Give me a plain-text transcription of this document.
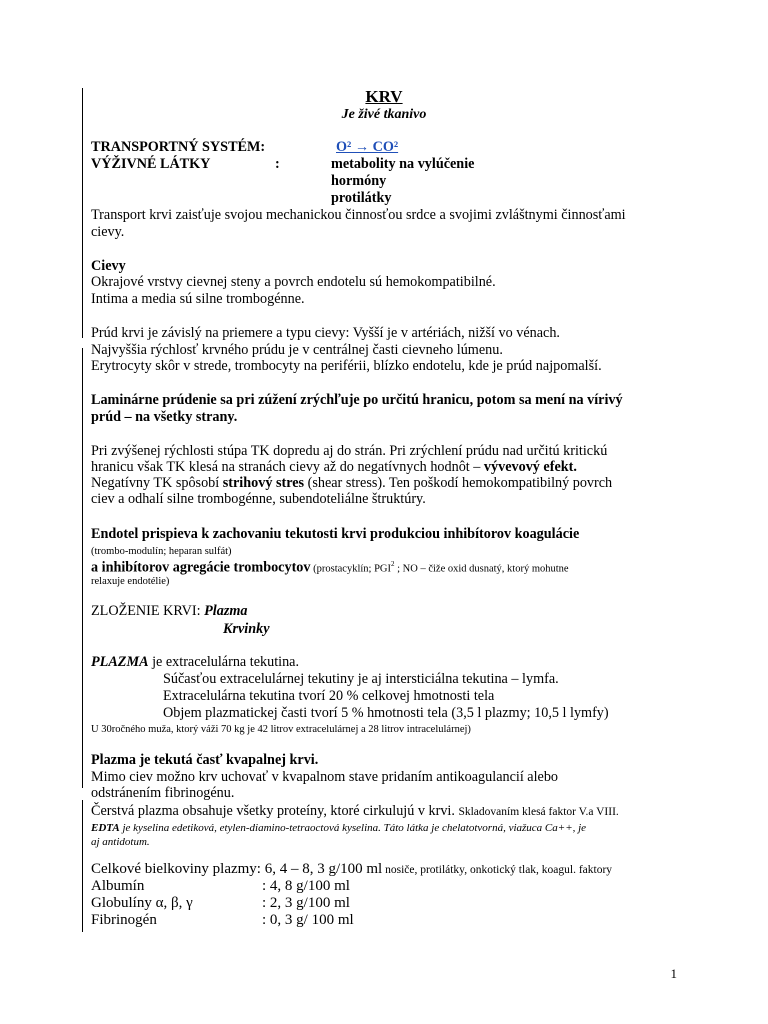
KRV
Je živé tkanivo
TRANSPORTNÝ SYSTÉM:	O² → CO²
VÝŽIVNÉ LÁTKY	:	metabolity na vylúčenie
hormóny
protilátky
Transport krvi zaisťuje svojou mechanickou činnosťou srdce a svojimi zvláštnymi činnosťami
cievy.
Cievy
Okrajové vrstvy cievnej steny a povrch endotelu sú hemokompatibilné.
Intima a media sú silne trombogénne.
Prúd krvi je závislý na priemere a typu cievy: Vyšší je v artériách, nižší vo vénach.
Najvyššia rýchlosť krvného prúdu je v centrálnej časti cievneho lúmenu.
Erytrocyty skôr v strede, trombocyty na periférii, blízko endotelu, kde je prúd najpomalší.
Laminárne prúdenie sa pri zúžení zrýchľuje po určitú hranicu, potom sa mení na vírivý
prúd – na všetky strany.
Pri zvýšenej rýchlosti stúpa TK dopredu aj do strán. Pri zrýchlení prúdu nad určitú kritickú
hranicu však TK klesá na stranách cievy až do negatívnych hodnôt – vývevový efekt.
Negatívny TK spôsobí strihový stres (shear stress). Ten poškodí hemokompatibilný povrch
ciev a odhalí silne trombogénne, subendoteliálne štruktúry.
Endotel prispieva k zachovaniu tekutosti krvi produkciou inhibítorov koagulácie
(trombo-modulín; heparan sulfát)
a inhibítorov agregácie trombocytov (prostacyklín; PGI$^2$ ; NO – čiže oxid dusnatý, ktorý mohutne
relaxuje endotélie)
ZLOŽENIE KRVI: Plazma
Krvinky
PLAZMA je extracelulárna tekutina.
Súčasťou extracelulárnej tekutiny je aj intersticiálna tekutina – lymfa.
Extracelulárna tekutina tvorí 20 % celkovej hmotnosti tela
Objem plazmatickej časti tvorí 5 % hmotnosti tela (3,5 l plazmy; 10,5 l lymfy)
U 30ročného muža, ktorý váži 70 kg je 42 litrov extracelulárnej a 28 litrov intracelulárnej)
Plazma je tekutá časť kvapalnej krvi.
Mimo ciev možno krv uchovať v kvapalnom stave pridaním antikoagulancií alebo
odstránením fibrinogénu.
Čerstvá plazma obsahuje všetky proteíny, ktoré cirkulujú v krvi. Skladovaním klesá faktor V.a VIII.
EDTA je kyselina edetiková, etylen-diamino-tetraoctová kyselina. Táto látka je chelatotvorná, viažuca Ca++, je
aj antidotum.
Celkové bielkoviny plazmy: 6, 4 – 8, 3 g/100 ml nosiče, protilátky, onkotický tlak, koagul. faktory
Albumín	: 4, 8 g/100 ml
Globulíny α, β, γ	: 2, 3 g/100 ml
Fibrinogén	: 0, 3 g/ 100 ml
1
